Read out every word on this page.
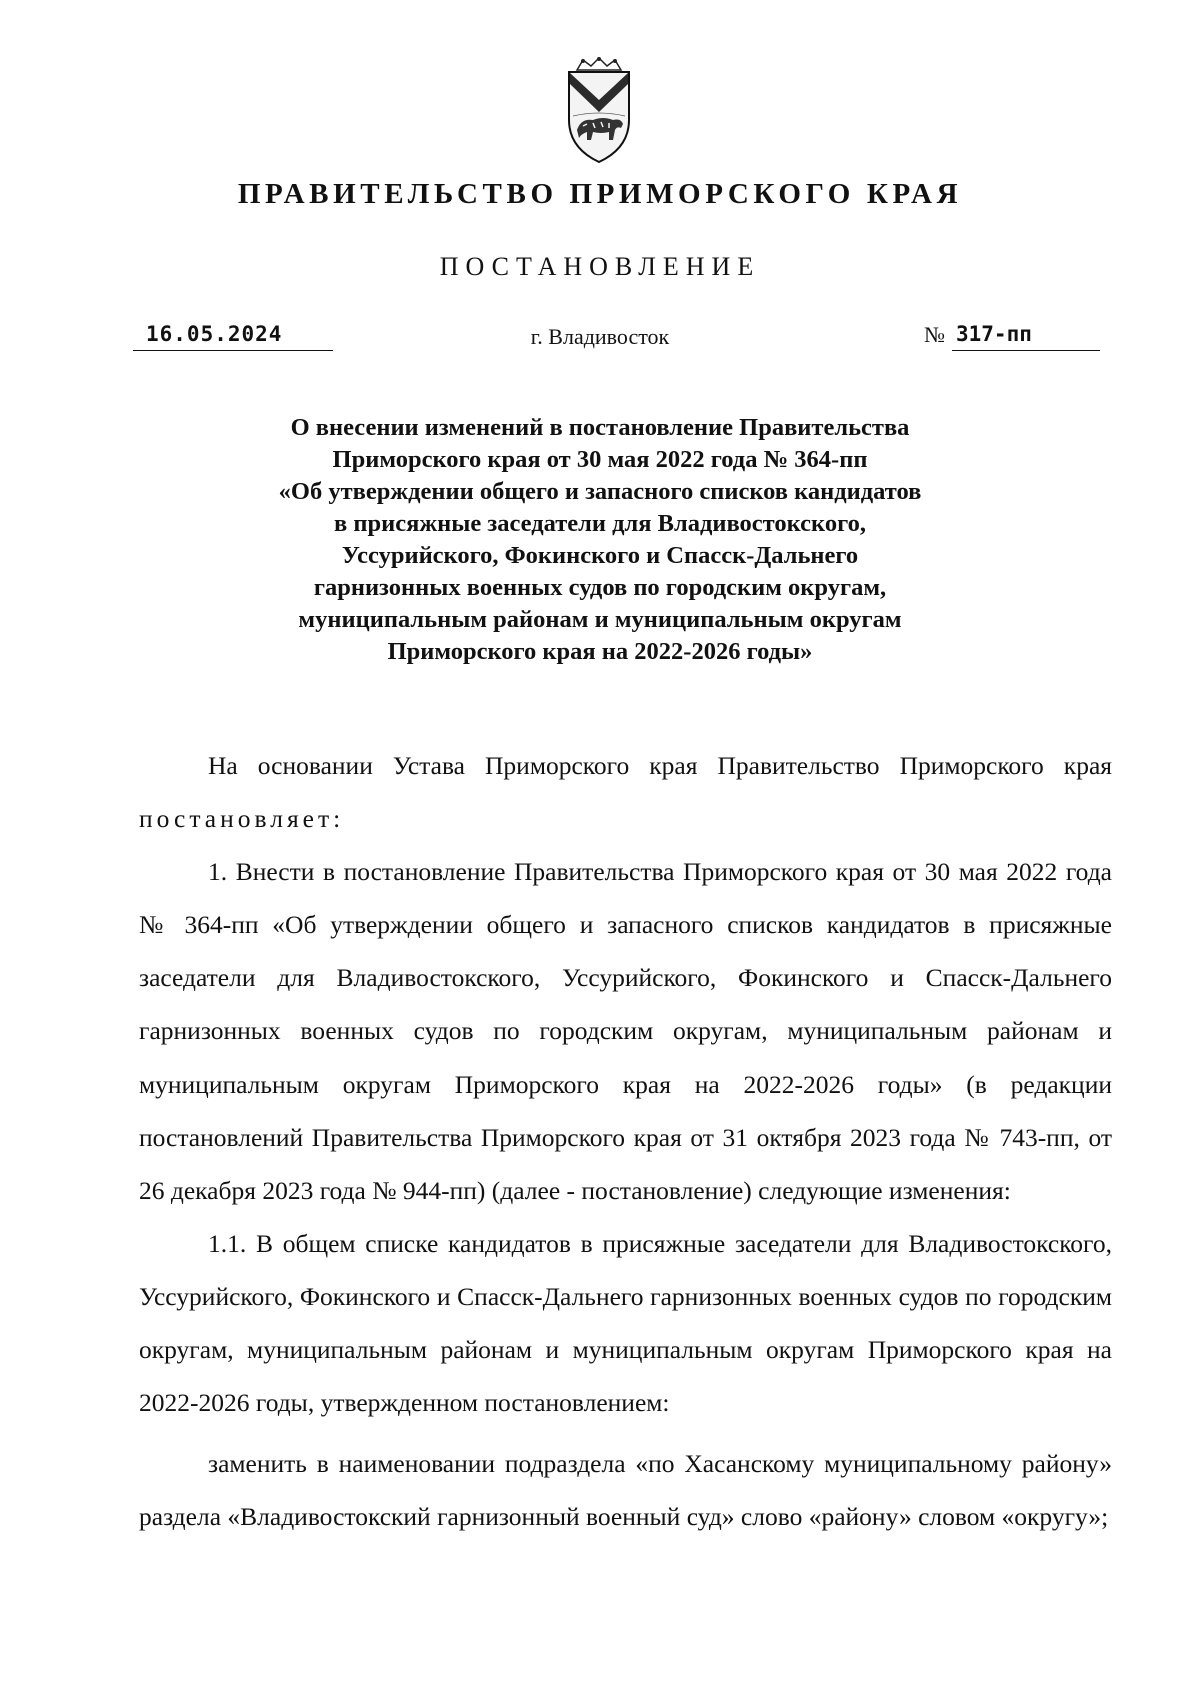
ПРАВИТЕЛЬСТВО ПРИМОРСКОГО КРАЯ
ПОСТАНОВЛЕНИЕ
16.05.2024	г. Владивосток	№ 317-пп
О внесении изменений в постановление Правительства
Приморского края от 30 мая 2022 года № 364-пп
«Об утверждении общего и запасного списков кандидатов
в присяжные заседатели для Владивостокского,
Уссурийского, Фокинского и Спасск-Дальнего
гарнизонных военных судов по городским округам,
муниципальным районам и муниципальным округам
Приморского края на 2022-2026 годы»

На основании Устава Приморского края Правительство Приморского края постановляет:

1. Внести в постановление Правительства Приморского края от 30 мая 2022 года № 364-пп «Об утверждении общего и запасного списков кандидатов в присяжные заседатели для Владивостокского, Уссурийского, Фокинского и Спасск-Дальнего гарнизонных военных судов по городским округам, муниципальным районам и муниципальным округам Приморского края на 2022-2026 годы» (в редакции постановлений Правительства Приморского края от 31 октября 2023 года № 743-пп, от 26 декабря 2023 года № 944-пп) (далее - постановление) следующие изменения:

1.1. В общем списке кандидатов в присяжные заседатели для Владивостокского, Уссурийского, Фокинского и Спасск-Дальнего гарнизонных военных судов по городским округам, муниципальным районам и муниципальным округам Приморского края на 2022-2026 годы, утвержденном постановлением:

заменить в наименовании подраздела «по Хасанскому муниципальному району» раздела «Владивостокский гарнизонный военный суд» слово «району» словом «округу»;
